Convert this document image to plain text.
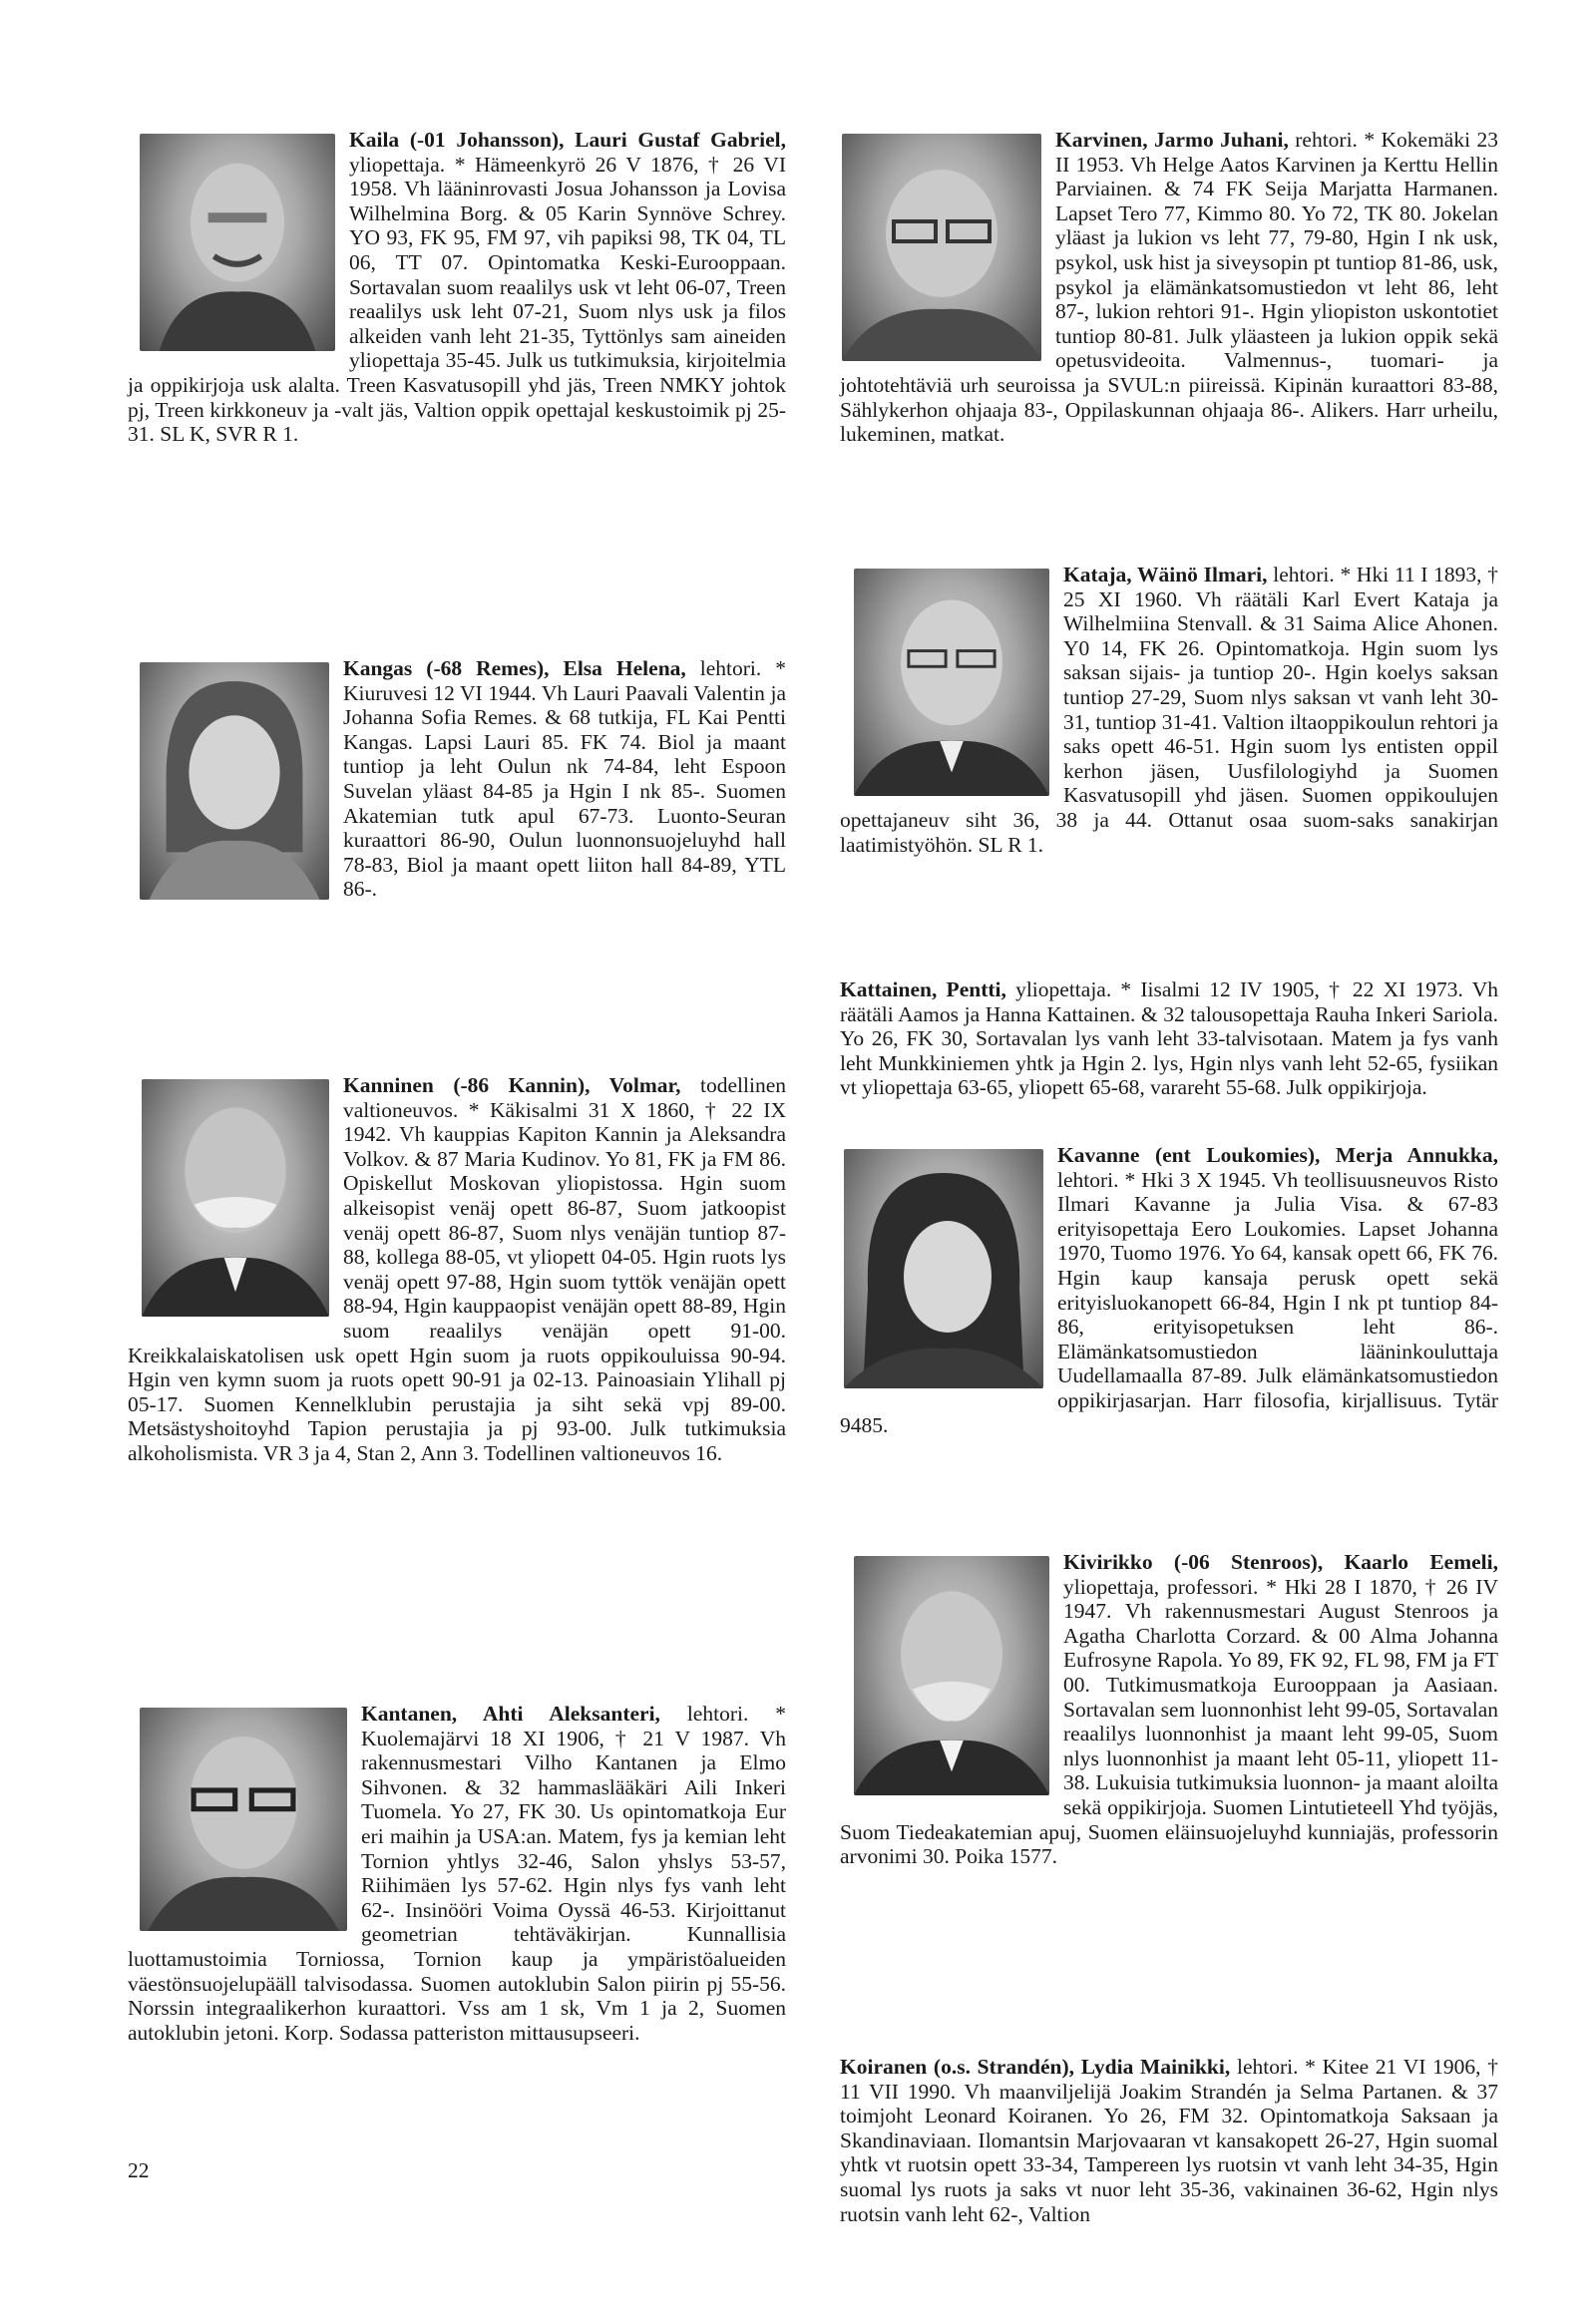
Kaila (-01 Johansson), Lauri Gustaf Gabriel, yliopettaja. * Hämeenkyrö 26 V 1876, † 26 VI 1958. Vh lääninrovasti Josua Johansson ja Lovisa Wilhelmina Borg. & 05 Karin Synnöve Schrey. YO 93, FK 95, FM 97, vih papiksi 98, TK 04, TL 06, TT 07. Opintomatka Keski-Eurooppaan. Sortavalan suom reaalilys usk vt leht 06-07, Treen reaalilys usk leht 07-21, Suom nlys usk ja filos alkeiden vanh leht 21-35, Tyttönlys sam aineiden yliopettaja 35-45. Julk us tutkimuksia, kirjoitelmia ja oppikirjoja usk alalta. Treen Kasvatusopill yhd jäs, Treen NMKY johtok pj, Treen kirkkoneuv ja -valt jäs, Valtion oppik opettajal keskustoimik pj 25-31. SL K, SVR R 1.
Kangas (-68 Remes), Elsa Helena, lehtori. * Kiuruvesi 12 VI 1944. Vh Lauri Paavali Valentin ja Johanna Sofia Remes. & 68 tutkija, FL Kai Pentti Kangas. Lapsi Lauri 85. FK 74. Biol ja maant tuntiop ja leht Oulun nk 74-84, leht Espoon Suvelan yläast 84-85 ja Hgin I nk 85-. Suomen Akatemian tutk apul 67-73. Luonto-Seuran kuraattori 86-90, Oulun luonnonsuojeluyhd hall 78-83, Biol ja maant opett liiton hall 84-89, YTL 86-.
Kanninen (-86 Kannin), Volmar, todellinen valtioneuvos. * Käkisalmi 31 X 1860, † 22 IX 1942. Vh kauppias Kapiton Kannin ja Aleksandra Volkov. & 87 Maria Kudinov. Yo 81, FK ja FM 86. Opiskellut Moskovan yliopistossa. Hgin suom alkeisopist venäj opett 86-87, Suom jatkoopist venäj opett 86-87, Suom nlys venäjän tuntiop 87-88, kollega 88-05, vt yliopett 04-05. Hgin ruots lys venäj opett 97-88, Hgin suom tyttök venäjän opett 88-94, Hgin kauppaopist venäjän opett 88-89, Hgin suom reaalilys venäjän opett 91-00. Kreikkalaiskatolisen usk opett Hgin suom ja ruots oppikouluissa 90-94. Hgin ven kymn suom ja ruots opett 90-91 ja 02-13. Painoasiain Ylihall pj 05-17. Suomen Kennelklubin perustajia ja siht sekä vpj 89-00. Metsästyshoitoyhd Tapion perustajia ja pj 93-00. Julk tutkimuksia alkoholismista. VR 3 ja 4, Stan 2, Ann 3. Todellinen valtioneuvos 16.
Kantanen, Ahti Aleksanteri, lehtori. * Kuolemajärvi 18 XI 1906, † 21 V 1987. Vh rakennusmestari Vilho Kantanen ja Elmo Sihvonen. & 32 hammaslääkäri Aili Inkeri Tuomela. Yo 27, FK 30. Us opintomatkoja Eur eri maihin ja USA:an. Matem, fys ja kemian leht Tornion yhtlys 32-46, Salon yhslys 53-57, Riihimäen lys 57-62. Hgin nlys fys vanh leht 62-. Insinööri Voima Oyssä 46-53. Kirjoittanut geometrian tehtäväkirjan. Kunnallisia luottamustoimia Torniossa, Tornion kaup ja ympäristöalueiden väestönsuojelupääll talvisodassa. Suomen autoklubin Salon piirin pj 55-56. Norssin integraalikerhon kuraattori. Vss am 1 sk, Vm 1 ja 2, Suomen autoklubin jetoni. Korp. Sodassa patteriston mittausupseeri.
Karvinen, Jarmo Juhani, rehtori. * Kokemäki 23 II 1953. Vh Helge Aatos Karvinen ja Kerttu Hellin Parviainen. & 74 FK Seija Marjatta Harmanen. Lapset Tero 77, Kimmo 80. Yo 72, TK 80. Jokelan yläast ja lukion vs leht 77, 79-80, Hgin I nk usk, psykol, usk hist ja siveysopin pt tuntiop 81-86, usk, psykol ja elämänkatsomustiedon vt leht 86, leht 87-, lukion rehtori 91-. Hgin yliopiston uskontotiet tuntiop 80-81. Julk yläasteen ja lukion oppik sekä opetusvideoita. Valmennus-, tuomari- ja johtotehtäviä urh seuroissa ja SVUL:n piireissä. Kipinän kuraattori 83-88, Sählykerhon ohjaaja 83-, Oppilaskunnan ohjaaja 86-. Alikers. Harr urheilu, lukeminen, matkat.
Kataja, Wäinö Ilmari, lehtori. * Hki 11 I 1893, † 25 XI 1960. Vh räätäli Karl Evert Kataja ja Wilhelmiina Stenvall. & 31 Saima Alice Ahonen. Y0 14, FK 26. Opintomatkoja. Hgin suom lys saksan sijais- ja tuntiop 20-. Hgin koelys saksan tuntiop 27-29, Suom nlys saksan vt vanh leht 30-31, tuntiop 31-41. Valtion iltaoppikoulun rehtori ja saks opett 46-51. Hgin suom lys entisten oppil kerhon jäsen, Uusfilologiyhd ja Suomen Kasvatusopill yhd jäsen. Suomen oppikoulujen opettajaneuv siht 36, 38 ja 44. Ottanut osaa suom-saks sanakirjan laatimistyöhön. SL R 1.
Kattainen, Pentti, yliopettaja. * Iisalmi 12 IV 1905, † 22 XI 1973. Vh räätäli Aamos ja Hanna Kattainen. & 32 talousopettaja Rauha Inkeri Sariola. Yo 26, FK 30, Sortavalan lys vanh leht 33-talvisotaan. Matem ja fys vanh leht Munkkiniemen yhtk ja Hgin 2. lys, Hgin nlys vanh leht 52-65, fysiikan vt yliopettaja 63-65, yliopett 65-68, varareht 55-68. Julk oppikirjoja.
Kavanne (ent Loukomies), Merja Annukka, lehtori. * Hki 3 X 1945. Vh teollisuusneuvos Risto Ilmari Kavanne ja Julia Visa. & 67-83 erityisopettaja Eero Loukomies. Lapset Johanna 1970, Tuomo 1976. Yo 64, kansak opett 66, FK 76. Hgin kaup kansaja perusk opett sekä erityisluokanopett 66-84, Hgin I nk pt tuntiop 84-86, erityisopetuksen leht 86-. Elämänkatsomustiedon lääninkouluttaja Uudellamaalla 87-89. Julk elämänkatsomustiedon oppikirjasarjan. Harr filosofia, kirjallisuus. Tytär 9485.
Kivirikko (-06 Stenroos), Kaarlo Eemeli, yliopettaja, professori. * Hki 28 I 1870, † 26 IV 1947. Vh rakennusmestari August Stenroos ja Agatha Charlotta Corzard. & 00 Alma Johanna Eufrosyne Rapola. Yo 89, FK 92, FL 98, FM ja FT 00. Tutkimusmatkoja Eurooppaan ja Aasiaan. Sortavalan sem luonnonhist leht 99-05, Sortavalan reaalilys luonnonhist ja maant leht 99-05, Suom nlys luonnonhist ja maant leht 05-11, yliopett 11-38. Lukuisia tutkimuksia luonnon- ja maant aloilta sekä oppikirjoja. Suomen Lintutieteell Yhd työjäs, Suom Tiedeakatemian apuj, Suomen eläinsuojeluyhd kunniajäs, professorin arvonimi 30. Poika 1577.
Koiranen (o.s. Strandén), Lydia Mainikki, lehtori. * Kitee 21 VI 1906, † 11 VII 1990. Vh maanviljelijä Joakim Strandén ja Selma Partanen. & 37 toimjoht Leonard Koiranen. Yo 26, FM 32. Opintomatkoja Saksaan ja Skandinaviaan. Ilomantsin Marjovaaran vt kansakopett 26-27, Hgin suomal yhtk vt ruotsin opett 33-34, Tampereen lys ruotsin vt vanh leht 34-35, Hgin suomal lys ruots ja saks vt nuor leht 35-36, vakinainen 36-62, Hgin nlys ruotsin vanh leht 62-, Valtion
22
